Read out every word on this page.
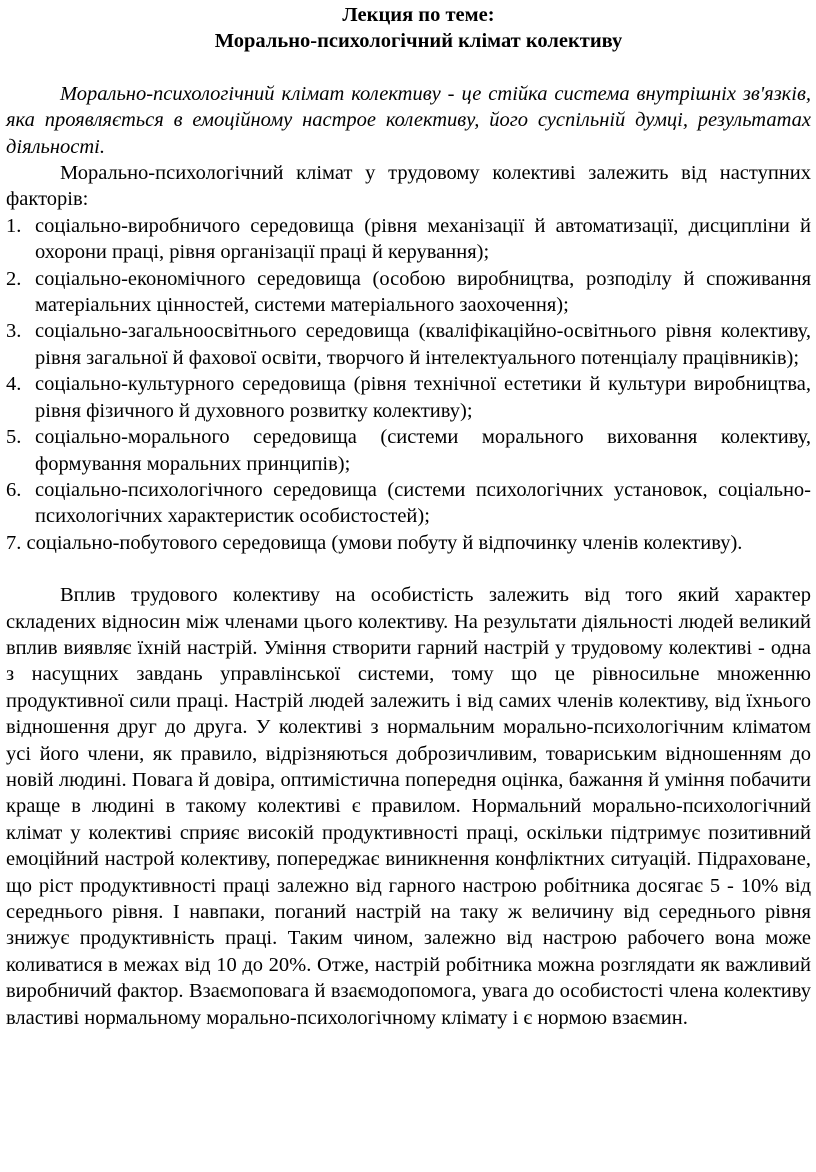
Лекция по теме:
Морально-психологічний клімат колективу

Морально-психологічний клімат колективу - це стійка система внутрішніх зв'язків, яка проявляється в емоційному настрое колективу, його суспільній думці, результатах діяльності.

Морально-психологічний клімат у трудовому колективі залежить від наступних факторів:

1. соціально-виробничого середовища (рівня механізації й автоматизації, дисципліни й охорони праці, рівня організації праці й керування);
2. соціально-економічного середовища (особою виробництва, розподілу й споживання матеріальних цінностей, системи матеріального заохочення);
3. соціально-загальноосвітнього середовища (кваліфікаційно-освітнього рівня колективу, рівня загальної й фахової освіти, творчого й інтелектуального потенціалу працівників);
4. соціально-культурного середовища (рівня технічної естетики й культури виробництва, рівня фізичного й духовного розвитку колективу);
5. соціально-морального середовища (системи морального виховання колективу, формування моральних принципів);
6. соціально-психологічного середовища (системи психологічних установок, соціально-психологічних характеристик особистостей);

7. соціально-побутового середовища (умови побуту й відпочинку членів колективу).

Вплив трудового колективу на особистість залежить від того який характер складених відносин між членами цього колективу. На результати діяльності людей великий вплив виявляє їхній настрій. Уміння створити гарний настрій у трудовому колективі - одна з насущних завдань управлінської системи, тому що це рівносильне множенню продуктивної сили праці. Настрій людей залежить і від самих членів колективу, від їхнього відношення друг до друга. У колективі з нормальним морально-психологічним кліматом усі його члени, як правило, відрізняються доброзичливим, товариським відношенням до новій людині. Повага й довіра, оптимістична попередня оцінка, бажання й уміння побачити краще в людині в такому колективі є правилом. Нормальний морально-психологічний клімат у колективі сприяє високій продуктивності праці, оскільки підтримує позитивний емоційний настрой колективу, попереджає виникнення конфліктних ситуацій. Підраховане, що ріст продуктивності праці залежно від гарного настрою робітника досягає 5 - 10% від середнього рівня. І навпаки, поганий настрій на таку ж величину від середнього рівня знижує продуктивність праці. Таким чином, залежно від настрою рабочего вона може коливатися в межах від 10 до 20%. Отже, настрій робітника можна розглядати як важливий виробничий фактор. Взаємоповага й взаємодопомога, увага до особистості члена колективу властиві нормальному морально-психологічному клімату і є нормою взаємин.
